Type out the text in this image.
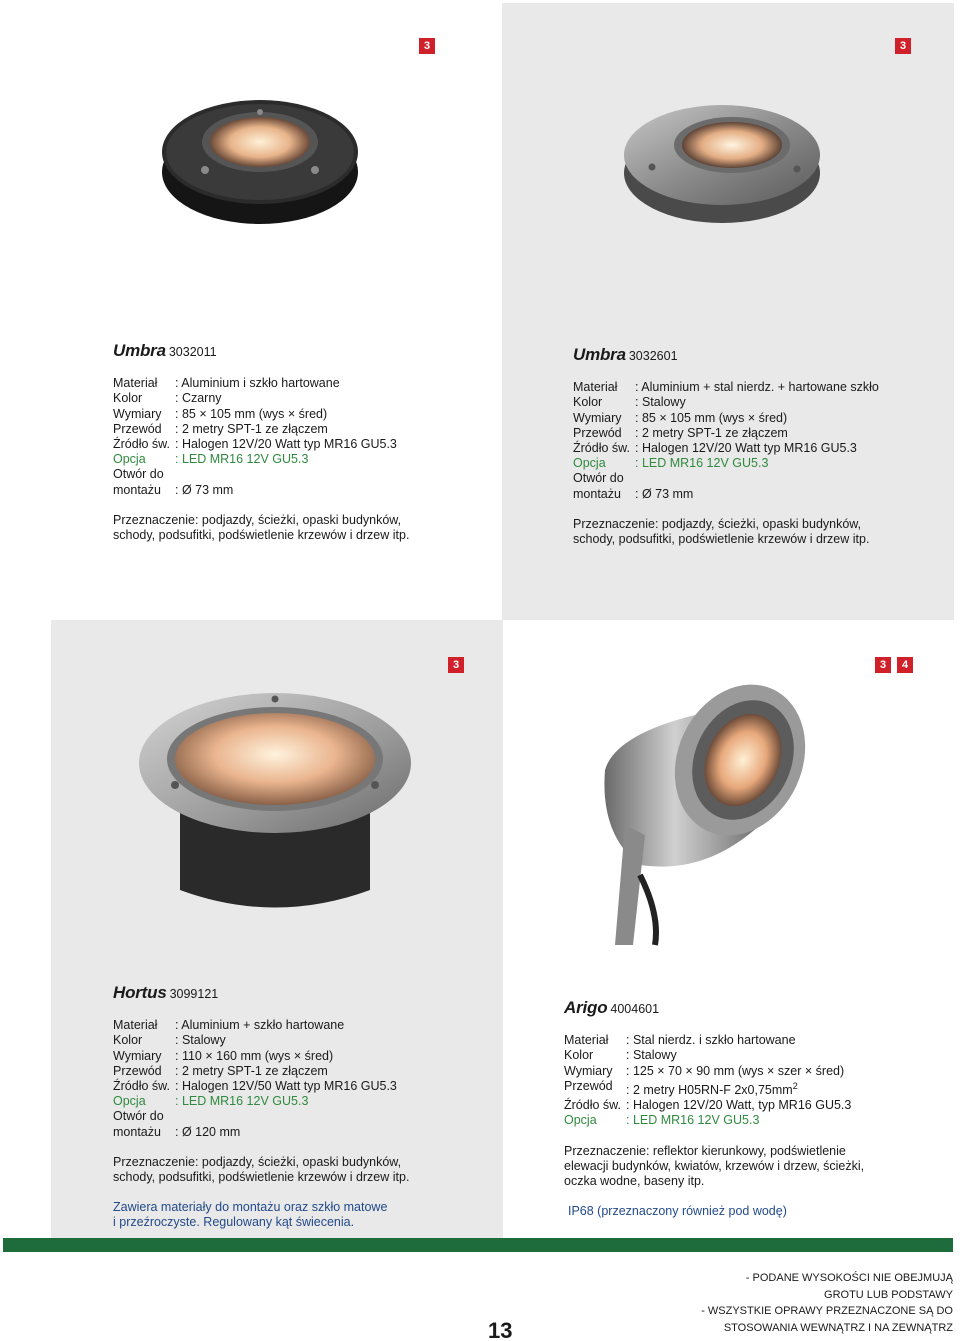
3	3
3	3	4
Umbra 3032011
Materiał	: Aluminium i szkło hartowane
Kolor	: Czarny
Wymiary	: 85 × 105 mm (wys × śred)
Przewód	: 2 metry SPT-1 ze złączem
Źródło św. : Halogen 12V/20 Watt typ MR16 GU5.3
Opcja	: LED MR16 12V GU5.3
Otwór do
montażu	: Ø 73 mm
Przeznaczenie: podjazdy, ścieżki, opaski budynków,
schody, podsufitki, podświetlenie krzewów i drzew itp.
Umbra 3032601
Materiał	: Aluminium + stal nierdz. + hartowane szkło
Kolor	: Stalowy
Wymiary	: 85 × 105 mm (wys × śred)
Przewód	: 2 metry SPT-1 ze złączem
Źródło św. : Halogen 12V/20 Watt typ MR16 GU5.3
Opcja	: LED MR16 12V GU5.3
Otwór do
montażu	: Ø 73 mm
Przeznaczenie: podjazdy, ścieżki, opaski budynków,
schody, podsufitki, podświetlenie krzewów i drzew itp.
Hortus 3099121
Materiał	: Aluminium + szkło hartowane
Kolor	: Stalowy
Wymiary	: 110 × 160 mm (wys × śred)
Przewód	: 2 metry SPT-1 ze złączem
Źródło św. : Halogen 12V/50 Watt typ MR16 GU5.3
Opcja	: LED MR16 12V GU5.3
Otwór do
montażu	: Ø 120 mm
Przeznaczenie: podjazdy, ścieżki, opaski budynków,
schody, podsufitki, podświetlenie krzewów i drzew itp.
Zawiera materiały do montażu oraz szkło matowe
i przeźroczyste. Regulowany kąt świecenia.
Arigo 4004601
Materiał	: Stal nierdz. i szkło hartowane
Kolor	: Stalowy
Wymiary	: 125 × 70 × 90 mm (wys × szer × śred)
Przewód	: 2 metry H05RN-F $2x0,75mm^2$
Źródło św. : Halogen 12V/20 Watt, typ MR16 GU5.3
Opcja	: LED MR16 12V GU5.3
Przeznaczenie: reflektor kierunkowy, podświetlenie
elewacji budynków, kwiatów, krzewów i drzew, ścieżki,
oczka wodne, baseny itp.
IP68 (przeznaczony również pod wodę)
13
- PODANE WYSOKOŚCI NIE OBEJMUJĄ
GROTU LUB PODSTAWY
- WSZYSTKIE OPRAWY PRZEZNACZONE SĄ DO
STOSOWANIA WEWNĄTRZ I NA ZEWNĄTRZ
